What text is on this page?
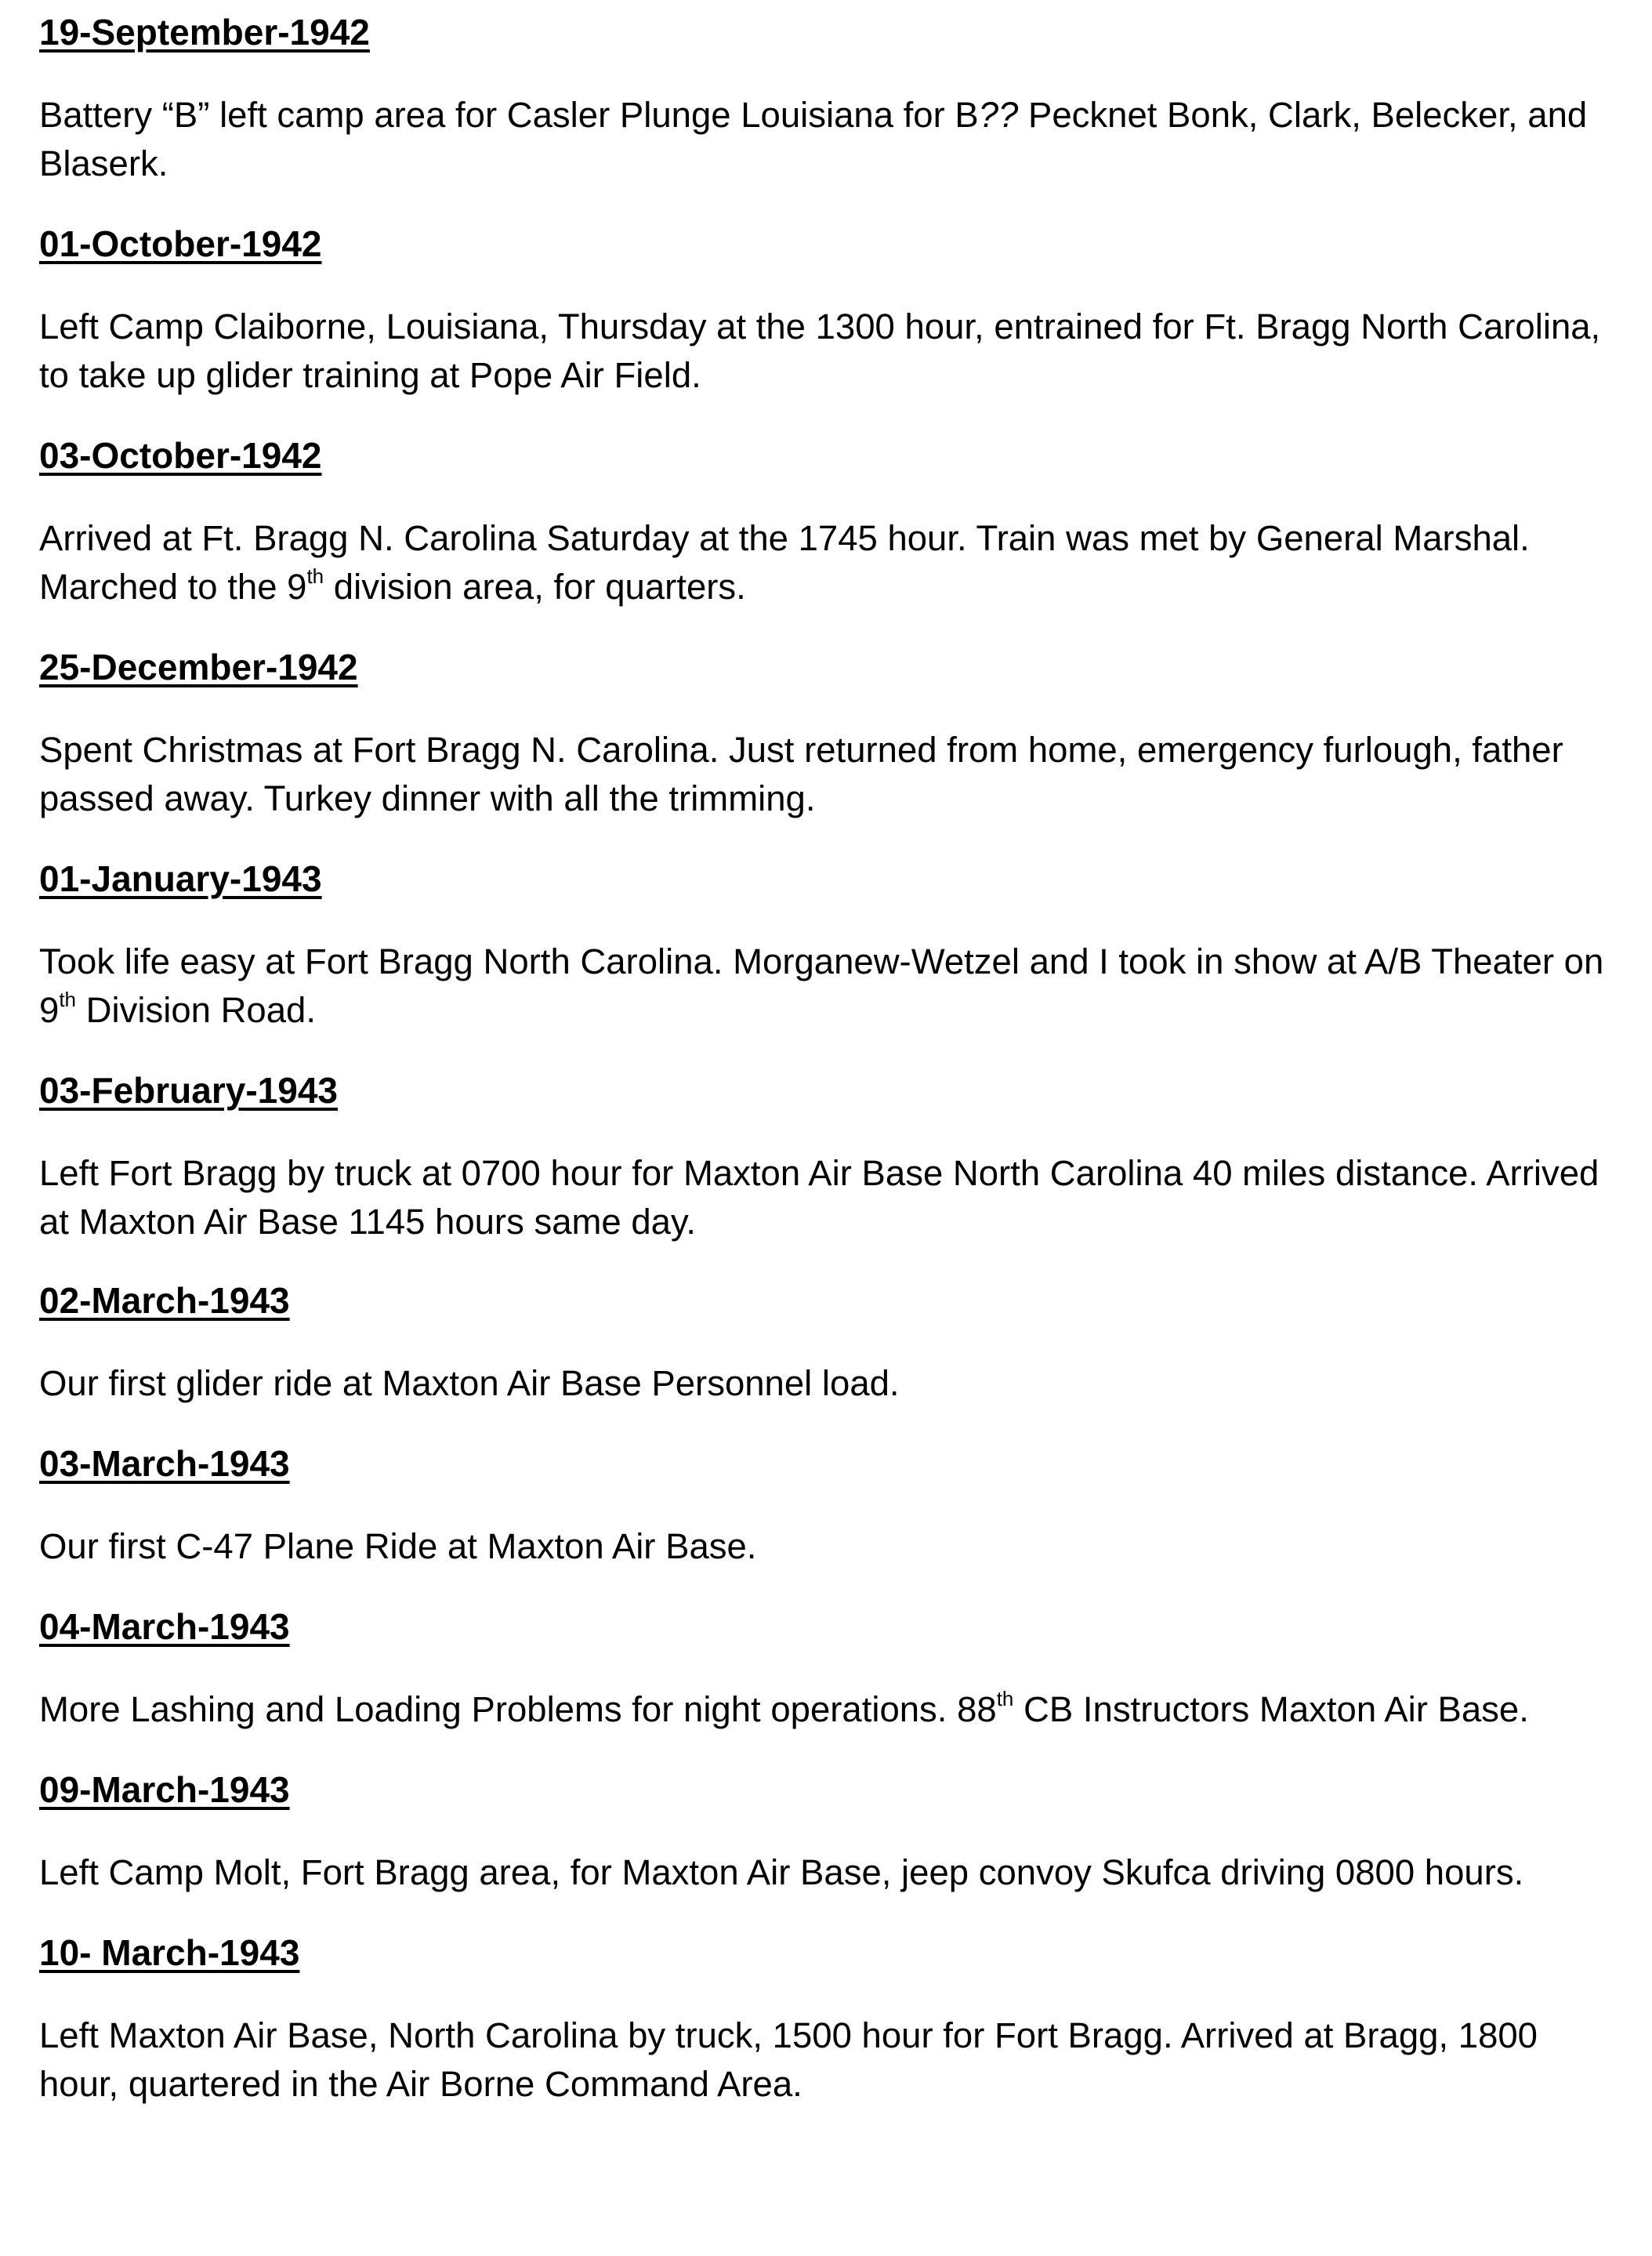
19-September-1942

Battery “B” left camp area for Casler Plunge Louisiana for B?? Pecknet Bonk, Clark, Belecker, and Blaserk.

01-October-1942

Left Camp Claiborne, Louisiana, Thursday at the 1300 hour, entrained for Ft. Bragg North Carolina, to take up glider training at Pope Air Field.

03-October-1942

Arrived at Ft. Bragg N. Carolina Saturday at the 1745 hour. Train was met by General Marshal. Marched to the 9th division area, for quarters.

25-December-1942

Spent Christmas at Fort Bragg N. Carolina. Just returned from home, emergency furlough, father passed away. Turkey dinner with all the trimming.

01-January-1943

Took life easy at Fort Bragg North Carolina. Morganew-Wetzel and I took in show at A/B Theater on 9th Division Road.

03-February-1943

Left Fort Bragg by truck at 0700 hour for Maxton Air Base North Carolina 40 miles distance. Arrived at Maxton Air Base 1145 hours same day.

02-March-1943

Our first glider ride at Maxton Air Base Personnel load.

03-March-1943

Our first C-47 Plane Ride at Maxton Air Base.

04-March-1943

More Lashing and Loading Problems for night operations. 88th CB Instructors Maxton Air Base.

09-March-1943

Left Camp Molt, Fort Bragg area, for Maxton Air Base, jeep convoy Skufca driving 0800 hours.

10- March-1943

Left Maxton Air Base, North Carolina by truck, 1500 hour for Fort Bragg. Arrived at Bragg, 1800 hour, quartered in the Air Borne Command Area.
